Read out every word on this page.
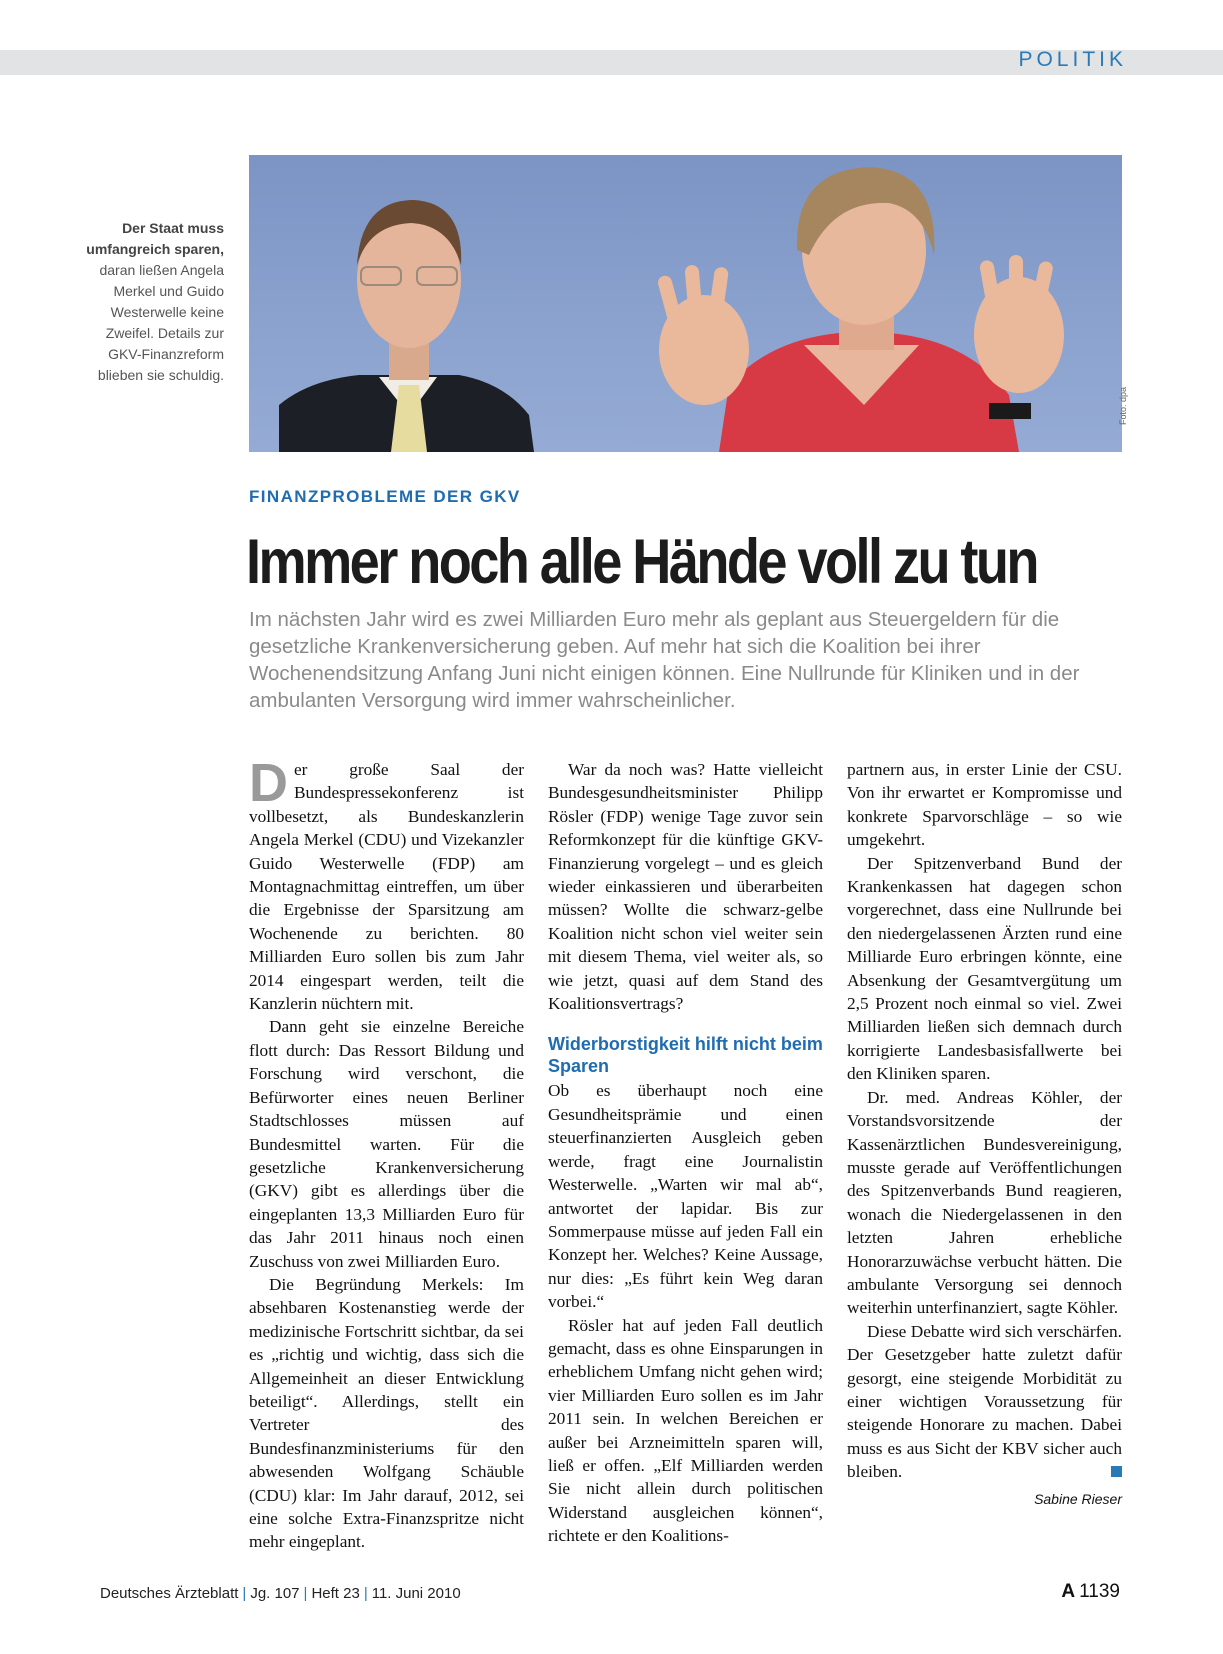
POLITIK
Der Staat muss umfangreich sparen, daran ließen Angela Merkel und Guido Westerwelle keine Zweifel. Details zur GKV-Finanzreform blieben sie schuldig.
Foto: dpa
FINANZPROBLEME DER GKV
Immer noch alle Hände voll zu tun
Im nächsten Jahr wird es zwei Milliarden Euro mehr als geplant aus Steuergeldern für die gesetzliche Krankenversicherung geben. Auf mehr hat sich die Koalition bei ihrer Wochenendsitzung Anfang Juni nicht einigen können. Eine Nullrunde für Kliniken und in der ambulanten Versorgung wird immer wahrscheinlicher.

Der große Saal der Bundespressekonferenz ist vollbesetzt, als Bundeskanzlerin Angela Merkel (CDU) und Vizekanzler Guido Westerwelle (FDP) am Montagnachmittag eintreffen, um über die Ergebnisse der Sparsitzung am Wochenende zu berichten. 80 Milliarden Euro sollen bis zum Jahr 2014 eingespart werden, teilt die Kanzlerin nüchtern mit.

Dann geht sie einzelne Bereiche flott durch: Das Ressort Bildung und Forschung wird verschont, die Befürworter eines neuen Berliner Stadtschlosses müssen auf Bundesmittel warten. Für die gesetzliche Krankenversicherung (GKV) gibt es allerdings über die eingeplanten 13,3 Milliarden Euro für das Jahr 2011 hinaus noch einen Zuschuss von zwei Milliarden Euro.

Die Begründung Merkels: Im absehbaren Kostenanstieg werde der medizinische Fortschritt sichtbar, da sei es „richtig und wichtig, dass sich die Allgemeinheit an dieser Entwicklung beteiligt“. Allerdings, stellt ein Vertreter des Bundesfinanzministeriums für den abwesenden Wolfgang Schäuble (CDU) klar: Im Jahr darauf, 2012, sei eine solche Extra-Finanzspritze nicht mehr eingeplant.

War da noch was? Hatte vielleicht Bundesgesundheitsminister Philipp Rösler (FDP) wenige Tage zuvor sein Reformkonzept für die künftige GKV-Finanzierung vorgelegt – und es gleich wieder einkassieren und überarbeiten müssen? Wollte die schwarz-gelbe Koalition nicht schon viel weiter sein mit diesem Thema, viel weiter als, so wie jetzt, quasi auf dem Stand des Koalitionsvertrags?

Widerborstigkeit hilft nicht beim Sparen

Ob es überhaupt noch eine Gesundheitsprämie und einen steuerfinanzierten Ausgleich geben werde, fragt eine Journalistin Westerwelle. „Warten wir mal ab“, antwortet der lapidar. Bis zur Sommerpause müsse auf jeden Fall ein Konzept her. Welches? Keine Aussage, nur dies: „Es führt kein Weg daran vorbei.“

Rösler hat auf jeden Fall deutlich gemacht, dass es ohne Einsparungen in erheblichem Umfang nicht gehen wird; vier Milliarden Euro sollen es im Jahr 2011 sein. In welchen Bereichen er außer bei Arzneimitteln sparen will, ließ er offen. „Elf Milliarden werden Sie nicht allein durch politischen Widerstand ausgleichen können“, richtete er den Koalitions-

partnern aus, in erster Linie der CSU. Von ihr erwartet er Kompromisse und konkrete Sparvorschläge – so wie umgekehrt.

Der Spitzenverband Bund der Krankenkassen hat dagegen schon vorgerechnet, dass eine Nullrunde bei den niedergelassenen Ärzten rund eine Milliarde Euro erbringen könnte, eine Absenkung der Gesamtvergütung um 2,5 Prozent noch einmal so viel. Zwei Milliarden ließen sich demnach durch korrigierte Landesbasisfallwerte bei den Kliniken sparen.

Dr. med. Andreas Köhler, der Vorstandsvorsitzende der Kassenärztlichen Bundesvereinigung, musste gerade auf Veröffentlichungen des Spitzenverbands Bund reagieren, wonach die Niedergelassenen in den letzten Jahren erhebliche Honorarzuwächse verbucht hätten. Die ambulante Versorgung sei dennoch weiterhin unterfinanziert, sagte Köhler.

Diese Debatte wird sich verschärfen. Der Gesetzgeber hatte zuletzt dafür gesorgt, eine steigende Morbidität zu einer wichtigen Voraussetzung für steigende Honorare zu machen. Dabei muss es aus Sicht der KBV sicher auch bleiben.

Sabine Rieser
Deutsches Ärzteblatt | Jg. 107 | Heft 23 | 11. Juni 2010	A 1139
